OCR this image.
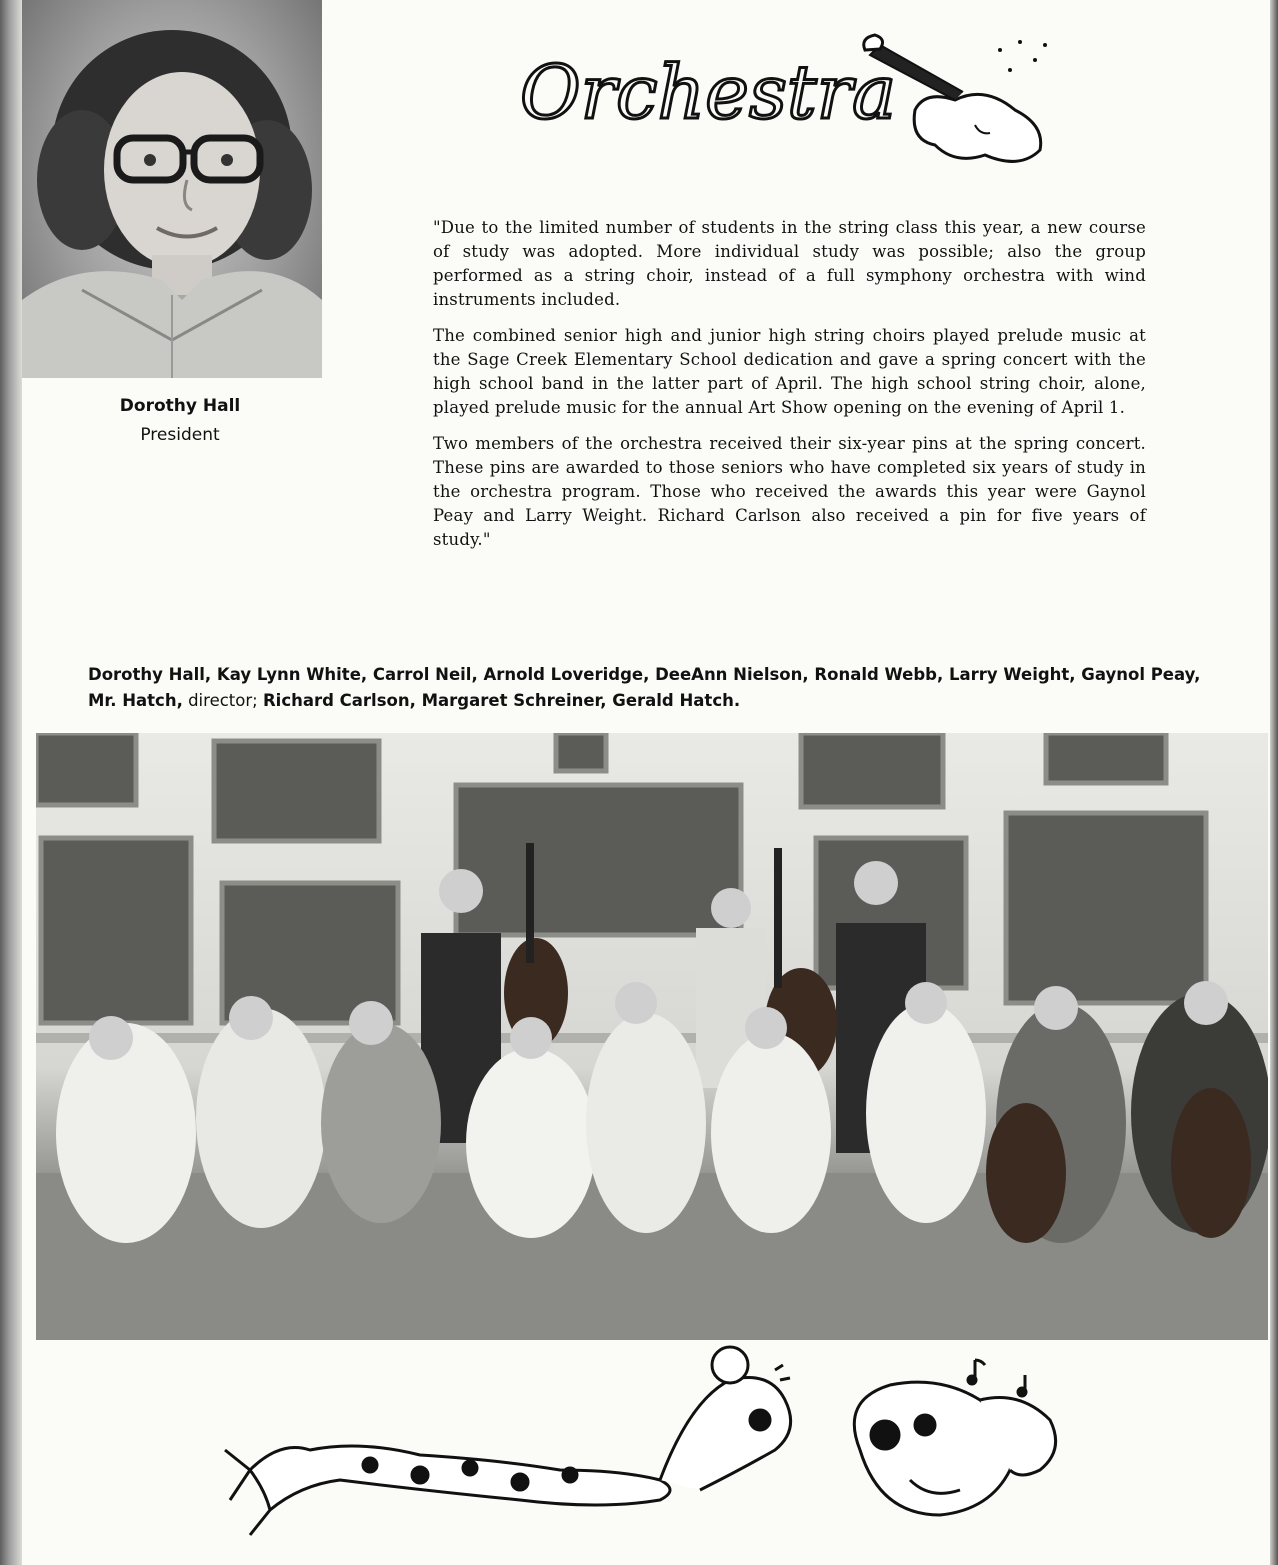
Dorothy Hall
President
Orchestra

"Due to the limited number of students in the string class this year, a new course of study was adopted. More individual study was possible; also the group performed as a string choir, instead of a full symphony orchestra with wind instruments included.

The combined senior high and junior high string choirs played prelude music at the Sage Creek Elementary School dedication and gave a spring concert with the high school band in the latter part of April. The high school string choir, alone, played prelude music for the annual Art Show opening on the evening of April 1.

Two members of the orchestra received their six-year pins at the spring concert. These pins are awarded to those seniors who have completed six years of study in the orchestra program. Those who received the awards this year were Gaynol Peay and Larry Weight. Richard Carlson also received a pin for five years of study."

Dorothy Hall, Kay Lynn White, Carrol Neil, Arnold Loveridge, DeeAnn Nielson, Ronald Webb, Larry Weight, Gaynol Peay,
Mr. Hatch, director; Richard Carlson, Margaret Schreiner, Gerald Hatch.
